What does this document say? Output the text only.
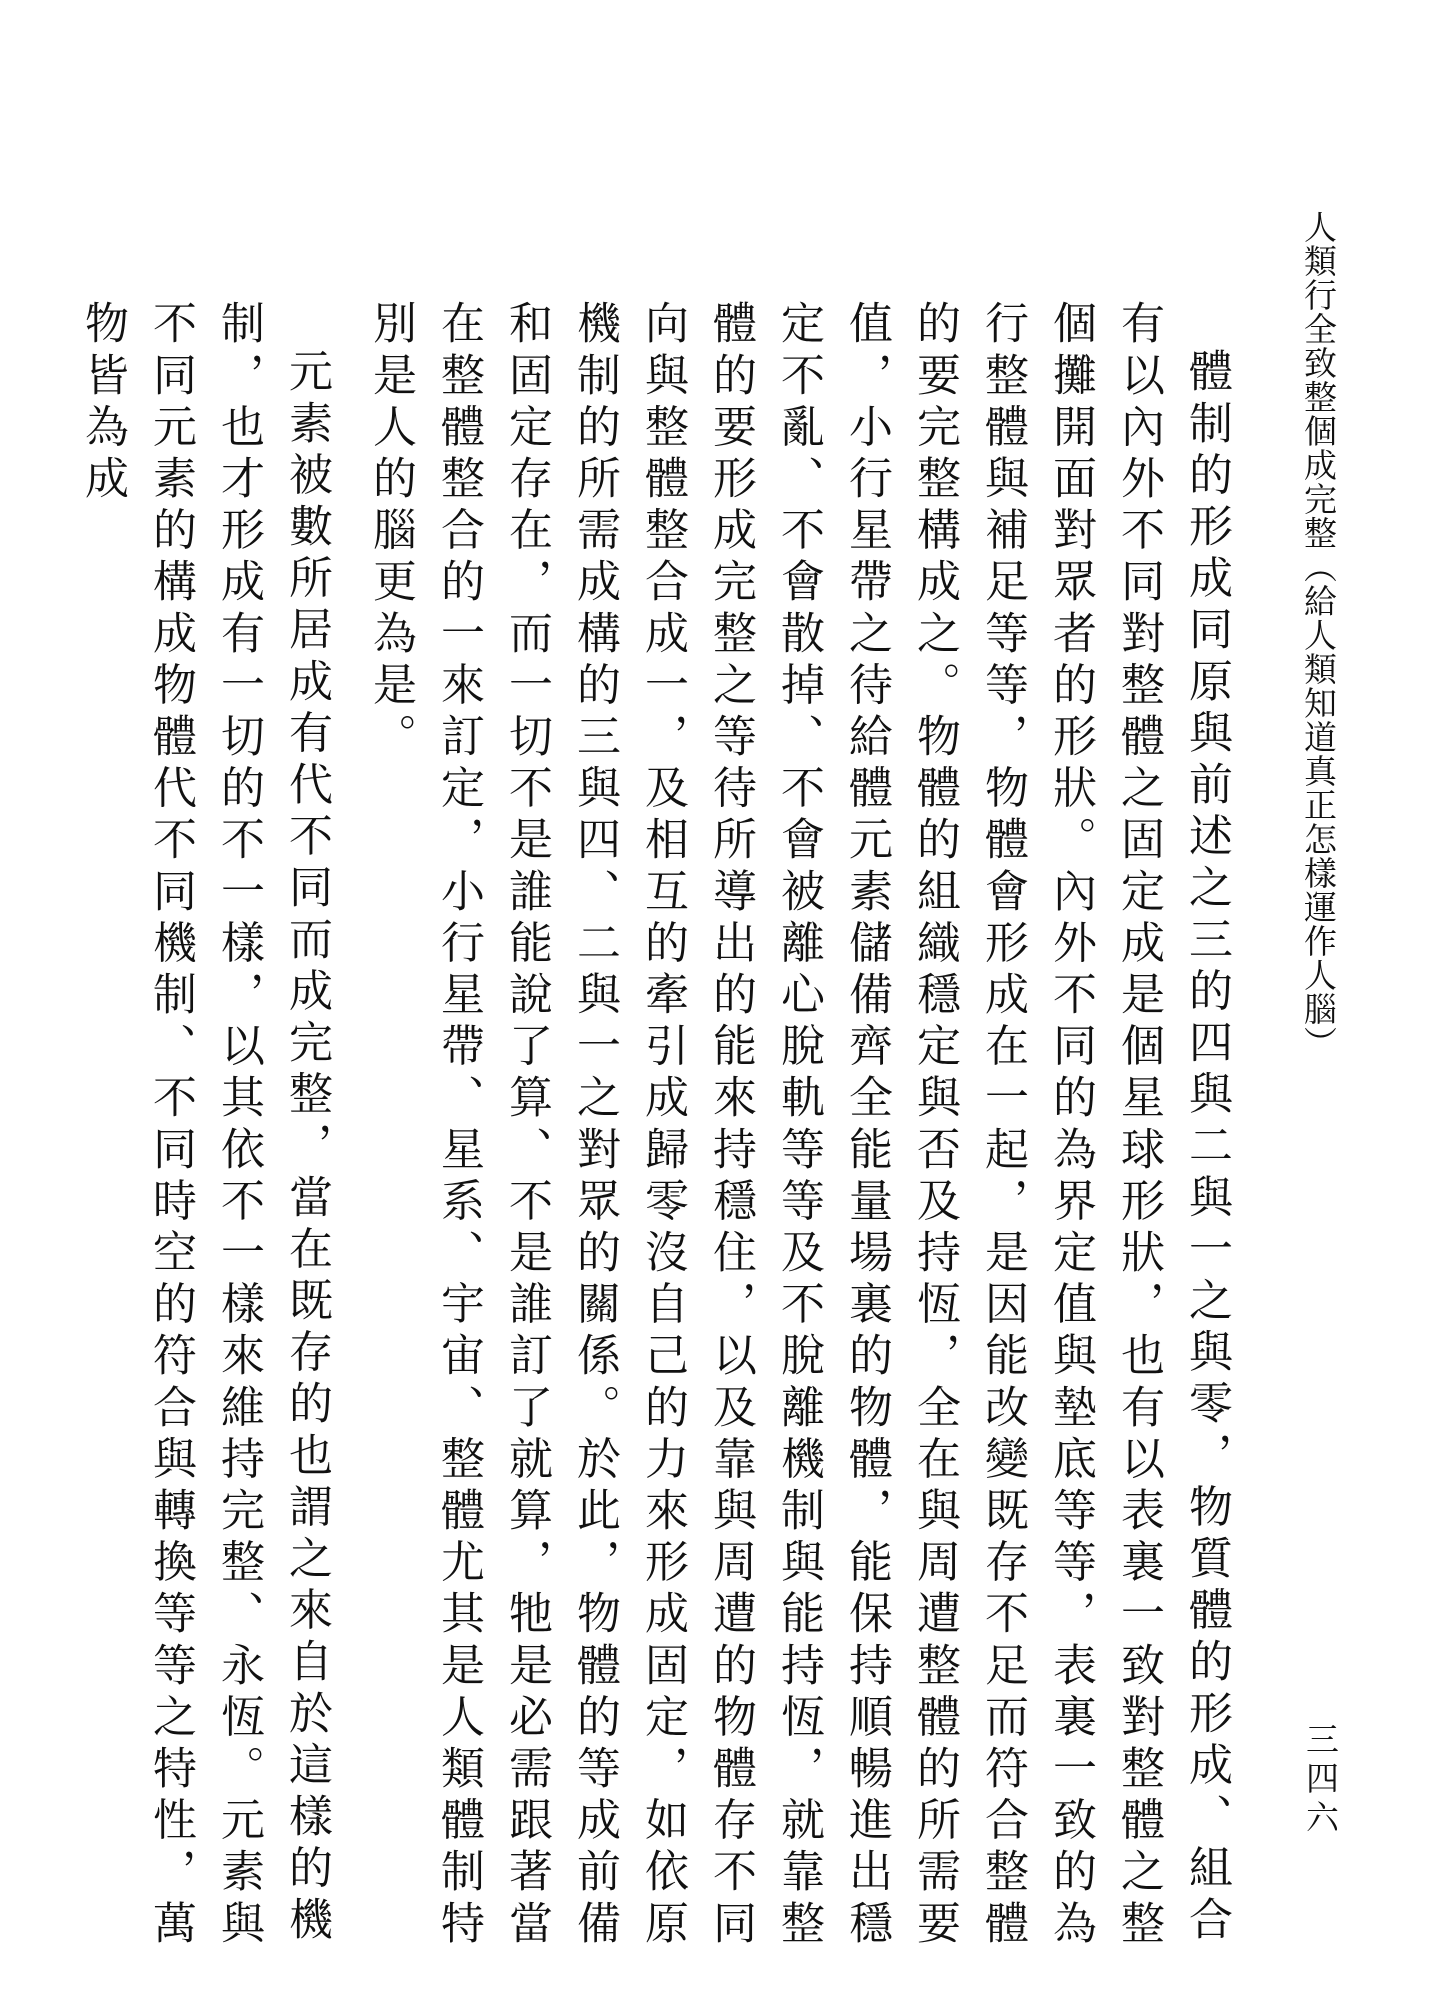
人類行全致整個成完整（給人類知道真正怎樣運作人腦）
三四六

體制的形成同原與前述之三的四與二與一之與零，物質體的形成、組合有以內外不同對整體之固定成是個星球形狀，也有以表裏一致對整體之整個攤開面對眾者的形狀。內外不同的為界定值與墊底等等，表裏一致的為行整體與補足等等，物體會形成在一起，是因能改變既存不足而符合整體的要完整構成之。物體的組織穩定與否及持恆，全在與周遭整體的所需要值，小行星帶之待給體元素儲備齊全能量場裏的物體，能保持順暢進出穩定不亂、不會散掉、不會被離心脫軌等等及不脫離機制與能持恆，就靠整體的要形成完整之等待所導出的能來持穩住，以及靠與周遭的物體存不同向與整體整合成一，及相互的牽引成歸零沒自己的力來形成固定，如依原機制的所需成構的三與四、二與一之對眾的關係。於此，物體的等成前備和固定存在，而一切不是誰能說了算、不是誰訂了就算，牠是必需跟著當在整體整合的一來訂定，小行星帶、星系、宇宙、整體尤其是人類體制特別是人的腦更為是。

元素被數所居成有代不同而成完整，當在既存的也謂之來自於這樣的機制，也才形成有一切的不一樣，以其依不一樣來維持完整、永恆。元素與不同元素的構成物體代不同機制、不同時空的符合與轉換等等之特性，萬物皆為成
